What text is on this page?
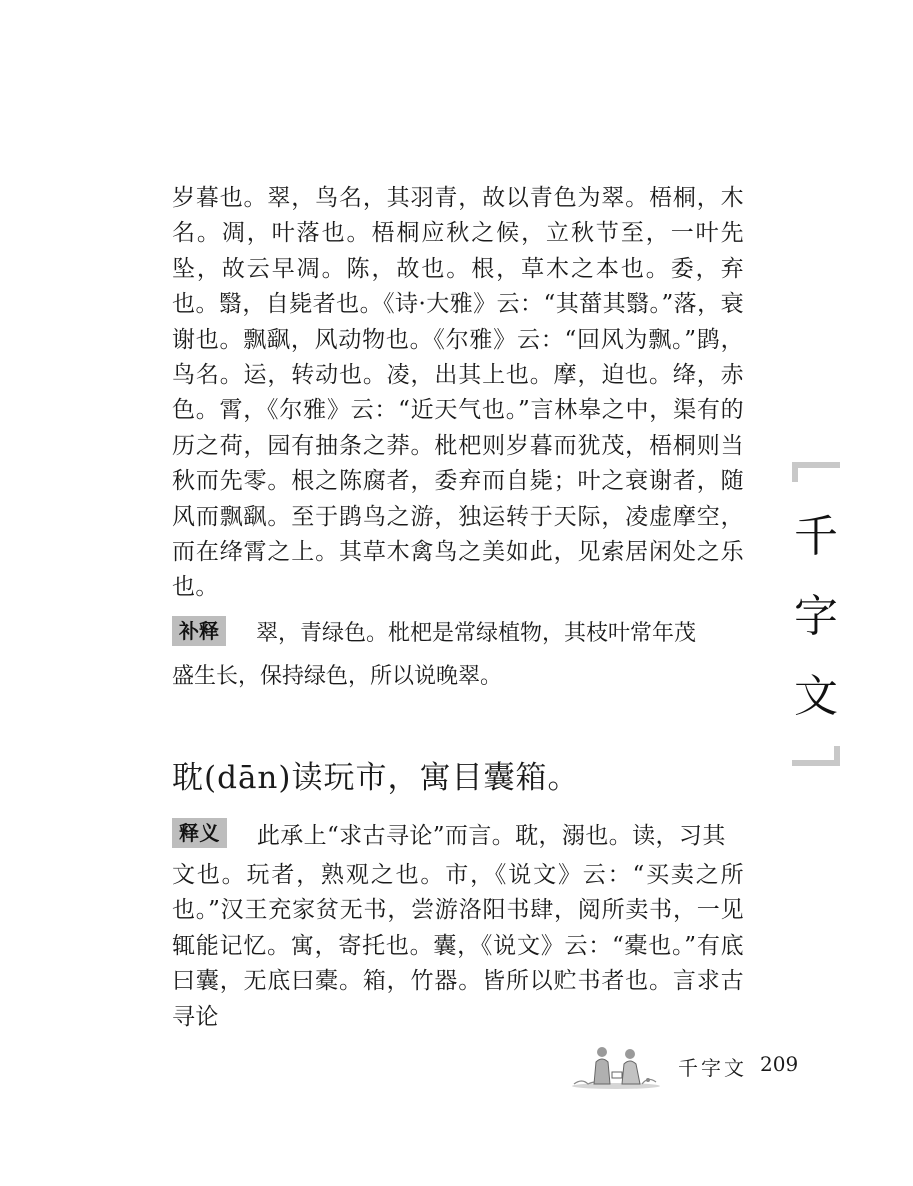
岁暮也。翠，鸟名，其羽青，故以青色为翠。梧桐，木名。凋，叶落也。梧桐应秋之候，立秋节至，一叶先坠，故云早凋。陈，故也。根，草木之本也。委，弃也。翳，自毙者也。《诗·大雅》云：“其葘其翳。”落，衰谢也。飘飖，风动物也。《尔雅》云：“回风为飘。”鹍，鸟名。运，转动也。凌，出其上也。摩，迫也。绛，赤色。霄，《尔雅》云：“近天气也。”言林皋之中，渠有的历之荷，园有抽条之莽。枇杷则岁暮而犹茂，梧桐则当秋而先零。根之陈腐者，委弃而自毙；叶之衰谢者，随风而飘飖。至于鹍鸟之游，独运转于天际，凌虚摩空，而在绛霄之上。其草木禽鸟之美如此，见索居闲处之乐也。

补释	翠，青绿色。枇杷是常绿植物，其枝叶常年茂
盛生长，保持绿色，所以说晚翠。
耽(dān)读玩市，寓目囊箱。
释义	此承上“求古寻论”而言。耽，溺也。读，习其

文也。玩者，熟观之也。市，《说文》云：“买卖之所也。”汉王充家贫无书，尝游洛阳书肆，阅所卖书，一见辄能记忆。寓，寄托也。囊，《说文》云：“橐也。”有底曰囊，无底曰橐。箱，竹器。皆所以贮书者也。言求古寻论

千
字
文
千字文 209
